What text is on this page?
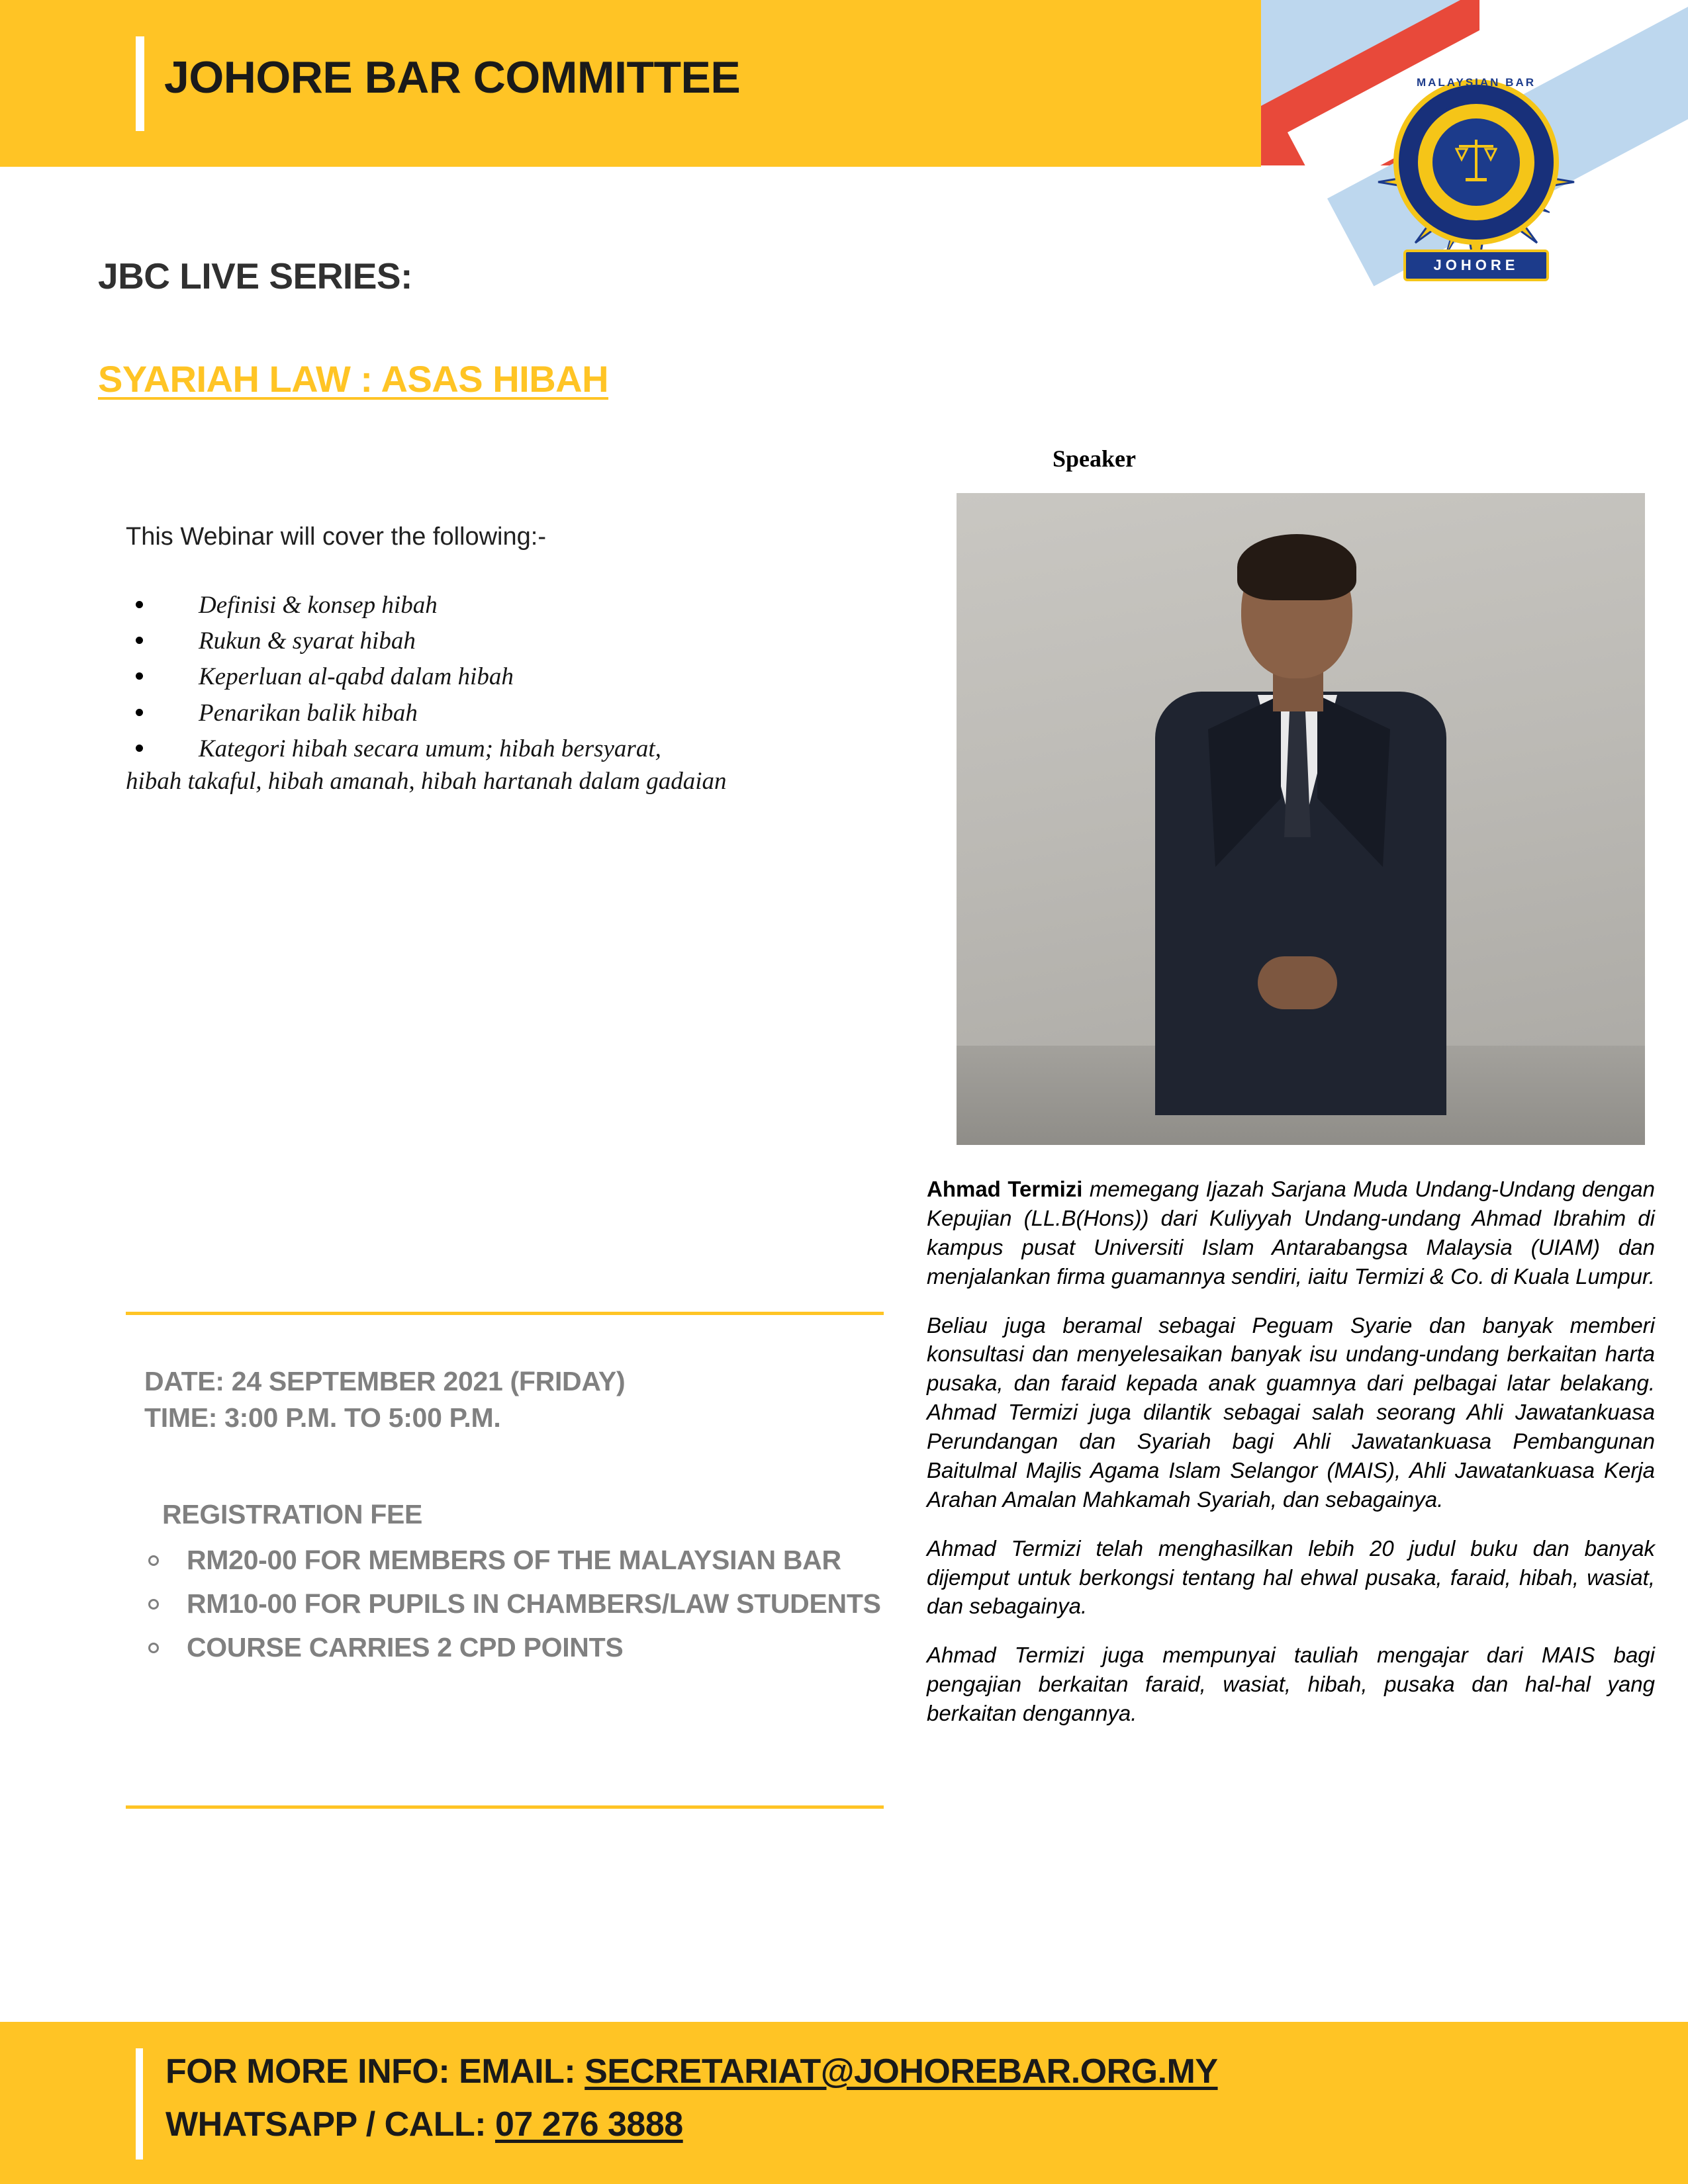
JOHORE BAR COMMITTEE	MALAYSIAN BAR
JOHORE
JBC LIVE SERIES:
SYARIAH LAW : ASAS HIBAH
This Webinar will cover the following:-
Definisi & konsep hibah
Rukun & syarat hibah
Keperluan al-qabd dalam hibah
Penarikan balik hibah
Kategori hibah secara umum; hibah bersyarat,
hibah takaful, hibah amanah, hibah hartanah dalam gadaian
DATE: 24 SEPTEMBER 2021 (FRIDAY)
TIME: 3:00 P.M. TO 5:00 P.M.
REGISTRATION FEE
RM20-00 FOR MEMBERS OF THE MALAYSIAN BAR
RM10-00 FOR PUPILS IN CHAMBERS/LAW STUDENTS
COURSE CARRIES 2 CPD POINTS
Speaker

Ahmad Termizi memegang Ijazah Sarjana Muda Undang-Undang dengan Kepujian (LL.B(Hons)) dari Kuliyyah Undang-undang Ahmad Ibrahim di kampus pusat Universiti Islam Antarabangsa Malaysia (UIAM) dan menjalankan firma guamannya sendiri, iaitu Termizi & Co. di Kuala Lumpur.

Beliau juga beramal sebagai Peguam Syarie dan banyak memberi konsultasi dan menyelesaikan banyak isu undang-undang berkaitan harta pusaka, dan faraid kepada anak guamnya dari pelbagai latar belakang. Ahmad Termizi juga dilantik sebagai salah seorang Ahli Jawatankuasa Perundangan dan Syariah bagi Ahli Jawatankuasa Pembangunan Baitulmal Majlis Agama Islam Selangor (MAIS), Ahli Jawatankuasa Kerja Arahan Amalan Mahkamah Syariah, dan sebagainya.

Ahmad Termizi telah menghasilkan lebih 20 judul buku dan banyak dijemput untuk berkongsi tentang hal ehwal pusaka, faraid, hibah, wasiat, dan sebagainya.

Ahmad Termizi juga mempunyai tauliah mengajar dari MAIS bagi pengajian berkaitan faraid, wasiat, hibah, pusaka dan hal-hal yang berkaitan dengannya.

FOR MORE INFO: EMAIL: SECRETARIAT@JOHOREBAR.ORG.MY
WHATSAPP / CALL: 07 276 3888
